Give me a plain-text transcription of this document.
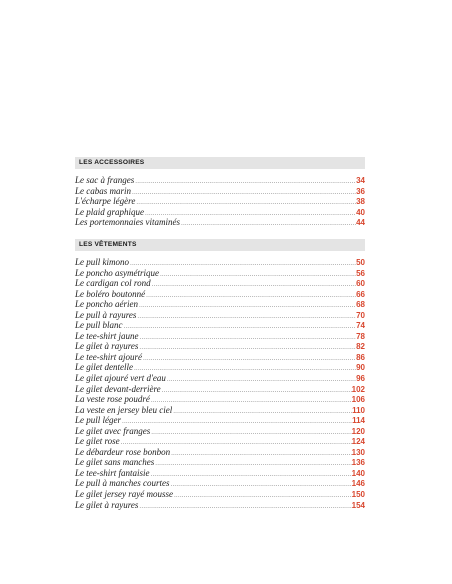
LES ACCESSOIRES
Le sac à franges .....	34
Le cabas marin .....	36
L'écharpe légère .....	38
Le plaid graphique .....	40
Les portemonnaies vitaminés .....	44
LES VÊTEMENTS
Le pull kimono .....	50
Le poncho asymétrique .....	56
Le cardigan col rond .....	60
Le boléro boutonné .....	66
Le poncho aérien .....	68
Le pull à rayures .....	70
Le pull blanc .....	74
Le tee-shirt jaune .....	78
Le gilet à rayures .....	82
Le tee-shirt ajouré .....	86
Le gilet dentelle .....	90
Le gilet ajouré vert d'eau .....	96
Le gilet devant-derrière .....	102
La veste rose poudré .....	106
La veste en jersey bleu ciel .....	110
Le pull léger .....	114
Le gilet avec franges .....	120
Le gilet rose .....	124
Le débardeur rose bonbon .....	130
Le gilet sans manches .....	136
Le tee-shirt fantaisie .....	140
Le pull à manches courtes .....	146
Le gilet jersey rayé mousse .....	150
Le gilet à rayures .....	154
